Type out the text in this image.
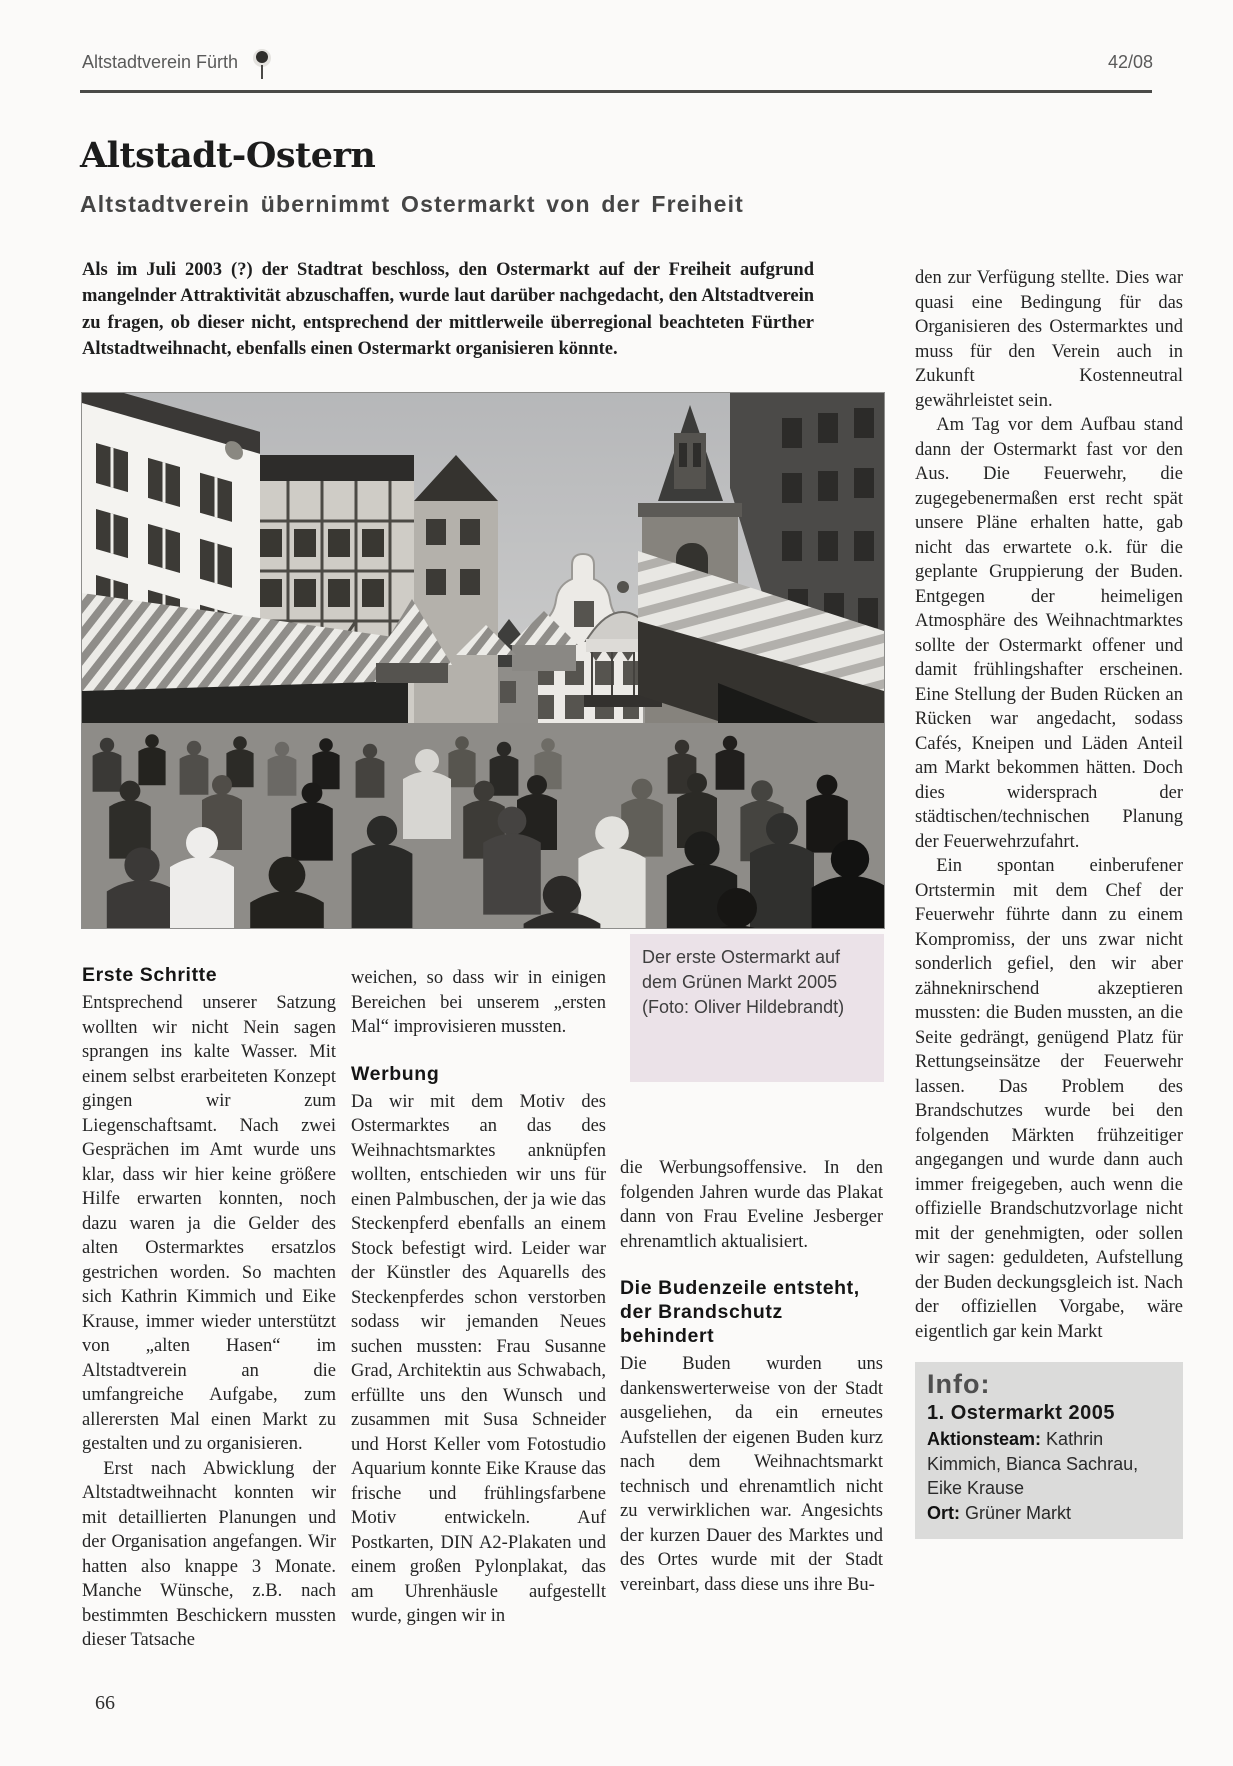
Altstadtverein Fürth	42/08
Altstadt-Ostern
Altstadtverein übernimmt Ostermarkt von der Freiheit

Als im Juli 2003 (?) der Stadtrat beschloss, den Ostermarkt auf der Freiheit aufgrund mangelnder Attraktivität abzuschaffen, wurde laut darüber nachgedacht, den Altstadtverein zu fragen, ob dieser nicht, entsprechend der mittlerweile überregional beachteten Fürther Altstadtweihnacht, ebenfalls einen Ostermarkt organisieren könnte.

Der erste Ostermarkt auf dem Grünen Markt 2005
(Foto: Oliver Hildebrandt)
Erste Schritte

Entsprechend unserer Satzung wollten wir nicht Nein sagen sprangen ins kalte Wasser. Mit einem selbst erarbeiteten Konzept gingen wir zum Liegenschaftsamt. Nach zwei Gesprächen im Amt wurde uns klar, dass wir hier keine größere Hilfe erwarten konnten, noch dazu waren ja die Gelder des alten Ostermarktes ersatzlos gestrichen worden. So machten sich Kathrin Kimmich und Eike Krause, immer wieder unterstützt von „alten Hasen“ im Altstadtverein an die umfangreiche Aufgabe, zum allerersten Mal einen Markt zu gestalten und zu organisieren.

Erst nach Abwicklung der Altstadtweihnacht konnten wir mit detaillierten Planungen und der Organisation angefangen. Wir hatten also knappe 3 Monate. Manche Wünsche, z.B. nach bestimmten Beschickern mussten dieser Tatsache

weichen, so dass wir in einigen Bereichen bei unserem „ersten Mal“ improvisieren mussten.

Werbung

Da wir mit dem Motiv des Ostermarktes an das des Weihnachtsmarktes anknüpfen wollten, entschieden wir uns für einen Palmbuschen, der ja wie das Steckenpferd ebenfalls an einem Stock befestigt wird. Leider war der Künstler des Aquarells des Steckenpferdes schon verstorben sodass wir jemanden Neues suchen mussten: Frau Susanne Grad, Architektin aus Schwabach, erfüllte uns den Wunsch und zusammen mit Susa Schneider und Horst Keller vom Fotostudio Aquarium konnte Eike Krause das frische und frühlingsfarbene Motiv entwickeln. Auf Postkarten, DIN A2-Plakaten und einem großen Pylonplakat, das am Uhrenhäusle aufgestellt wurde, gingen wir in

die Werbungsoffensive. In den folgenden Jahren wurde das Plakat dann von Frau Eveline Jesberger ehrenamtlich aktualisiert.

Die Budenzeile entsteht, der Brandschutz behindert

Die Buden wurden uns dankenswerterweise von der Stadt ausgeliehen, da ein erneutes Aufstellen der eigenen Buden kurz nach dem Weihnachtsmarkt technisch und ehrenamtlich nicht zu verwirklichen war. Angesichts der kurzen Dauer des Marktes und des Ortes wurde mit der Stadt vereinbart, dass diese uns ihre Bu-

den zur Verfügung stellte. Dies war quasi eine Bedingung für das Organisieren des Ostermarktes und muss für den Verein auch in Zukunft Kostenneutral gewährleistet sein.

Am Tag vor dem Aufbau stand dann der Ostermarkt fast vor den Aus. Die Feuerwehr, die zugegebenermaßen erst recht spät unsere Pläne erhalten hatte, gab nicht das erwartete o.k. für die geplante Gruppierung der Buden. Entgegen der heimeligen Atmosphäre des Weihnachtmarktes sollte der Ostermarkt offener und damit frühlingshafter erscheinen. Eine Stellung der Buden Rücken an Rücken war angedacht, sodass Cafés, Kneipen und Läden Anteil am Markt bekommen hätten. Doch dies widersprach der städtischen/technischen Planung der Feuerwehrzufahrt.

Ein spontan einberufener Ortstermin mit dem Chef der Feuerwehr führte dann zu einem Kompromiss, der uns zwar nicht sonderlich gefiel, den wir aber zähneknirschend akzeptieren mussten: die Buden mussten, an die Seite gedrängt, genügend Platz für Rettungseinsätze der Feuerwehr lassen. Das Problem des Brandschutzes wurde bei den folgenden Märkten frühzeitiger angegangen und wurde dann auch immer freigegeben, auch wenn die offizielle Brandschutzvorlage nicht mit der genehmigten, oder sollen wir sagen: geduldeten, Aufstellung der Buden deckungsgleich ist. Nach der offiziellen Vorgabe, wäre eigentlich gar kein Markt

Info:
1. Ostermarkt 2005
Aktionsteam: Kathrin Kimmich, Bianca Sachrau, Eike Krause
Ort: Grüner Markt
66
